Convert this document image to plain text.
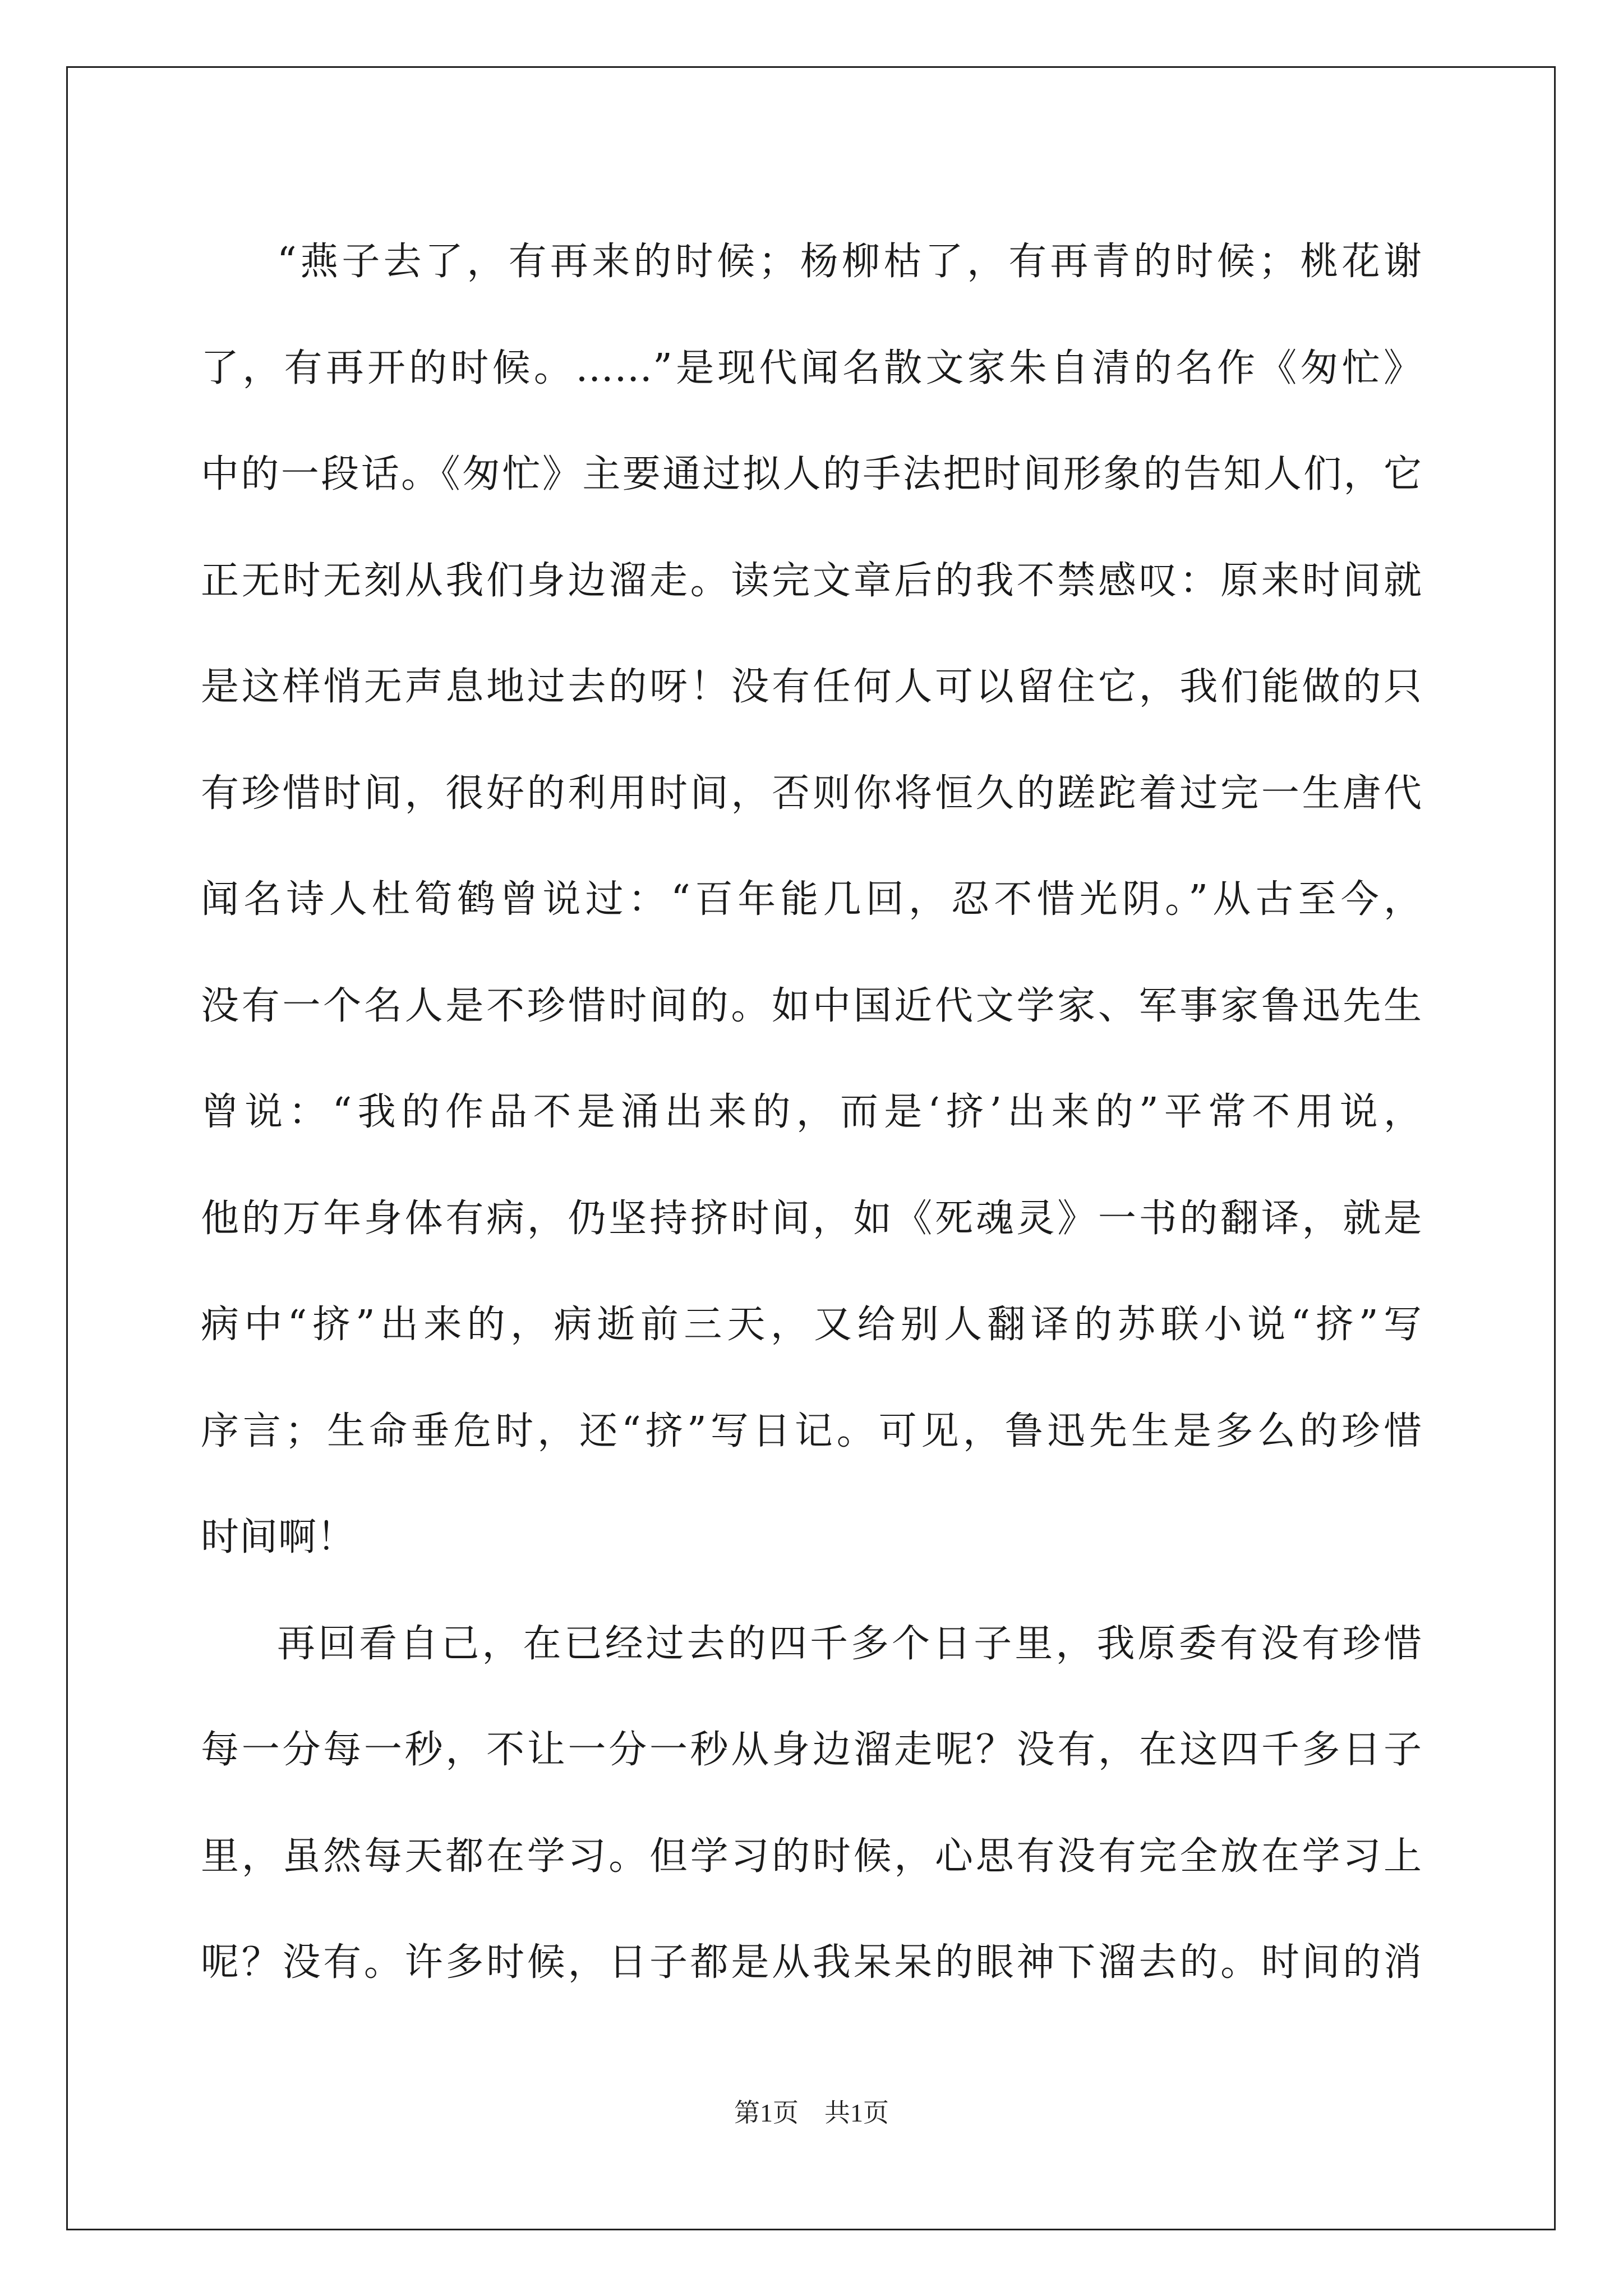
“燕子去了，有再来的时候；杨柳枯了，有再青的时候；桃花谢
了，有再开的时候。……”是现代闻名散文家朱自清的名作《匆忙》
中的一段话。《匆忙》主要通过拟人的手法把时间形象的告知人们，它
正无时无刻从我们身边溜走。读完文章后的我不禁感叹：原来时间就
是这样悄无声息地过去的呀！没有任何人可以留住它，我们能做的只
有珍惜时间，很好的利用时间，否则你将恒久的蹉跎着过完一生唐代
闻名诗人杜筍鹤曾说过：“百年能几回，忍不惜光阴。”从古至今，
没有一个名人是不珍惜时间的。如中国近代文学家、军事家鲁迅先生
曾说：“我的作品不是涌出来的，而是‘挤’出来的”平常不用说，
他的万年身体有病，仍坚持挤时间，如《死魂灵》一书的翻译，就是
病中“挤”出来的，病逝前三天，又给别人翻译的苏联小说“挤”写
序言；生命垂危时，还“挤”写日记。可见，鲁迅先生是多么的珍惜
时间啊！
再回看自己，在已经过去的四千多个日子里，我原委有没有珍惜
每一分每一秒，不让一分一秒从身边溜走呢？没有，在这四千多日子
里，虽然每天都在学习。但学习的时候，心思有没有完全放在学习上
呢？没有。许多时候，日子都是从我呆呆的眼神下溜去的。时间的消
第1页　共1页
